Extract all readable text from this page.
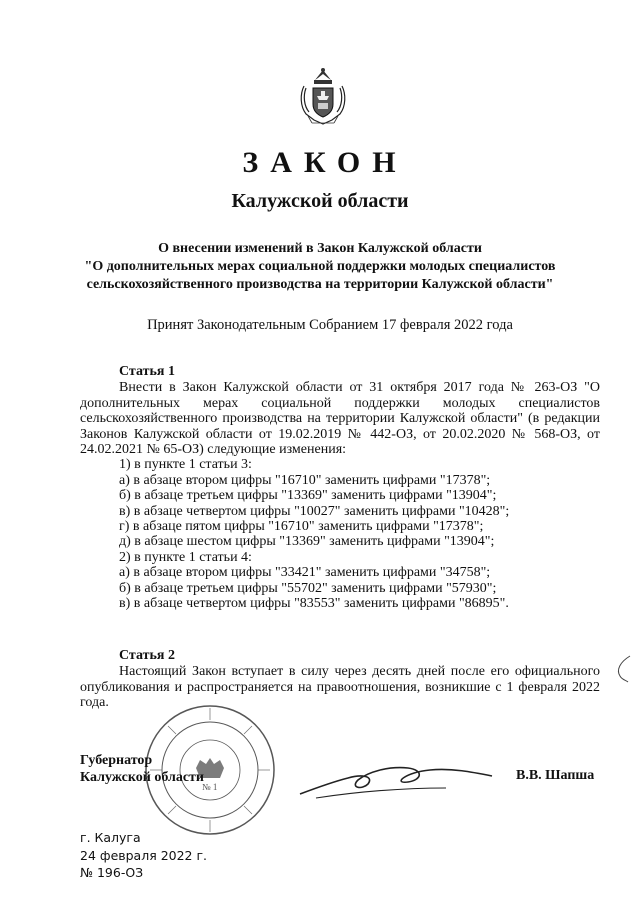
ЗАКОН
Калужской области
О внесении изменений в Закон Калужской области
"О дополнительных мерах социальной поддержки молодых специалистов
сельскохозяйственного производства на территории Калужской области"
Принят Законодательным Собранием 17 февраля 2022 года
Статья 1
Внести в Закон Калужской области от 31 октября 2017 года № 263-ОЗ "О дополнительных мерах социальной поддержки молодых специалистов сельскохозяйственного производства на территории Калужской области" (в редакции Законов Калужской области от 19.02.2019 № 442-ОЗ, от 20.02.2020 № 568-ОЗ, от 24.02.2021 № 65-ОЗ) следующие изменения:
1) в пункте 1 статьи 3:
а) в абзаце втором цифры "16710" заменить цифрами "17378";
б) в абзаце третьем цифры "13369" заменить цифрами "13904";
в) в абзаце четвертом цифры "10027" заменить цифрами "10428";
г) в абзаце пятом цифры "16710" заменить цифрами "17378";
д) в абзаце шестом цифры "13369" заменить цифрами "13904";
2) в пункте 1 статьи 4:
а) в абзаце втором цифры "33421" заменить цифрами "34758";
б) в абзаце третьем цифры "55702" заменить цифрами "57930";
в) в абзаце четвертом цифры "83553" заменить цифрами "86895".
Статья 2
Настоящий Закон вступает в силу через десять дней после его официального опубликования и распространяется на правоотношения, возникшие с 1 февраля 2022 года.
№ 1
Губернатор
Калужской области	В.В. Шапша
г. Калуга
24 февраля 2022 г.
№ 196-ОЗ
